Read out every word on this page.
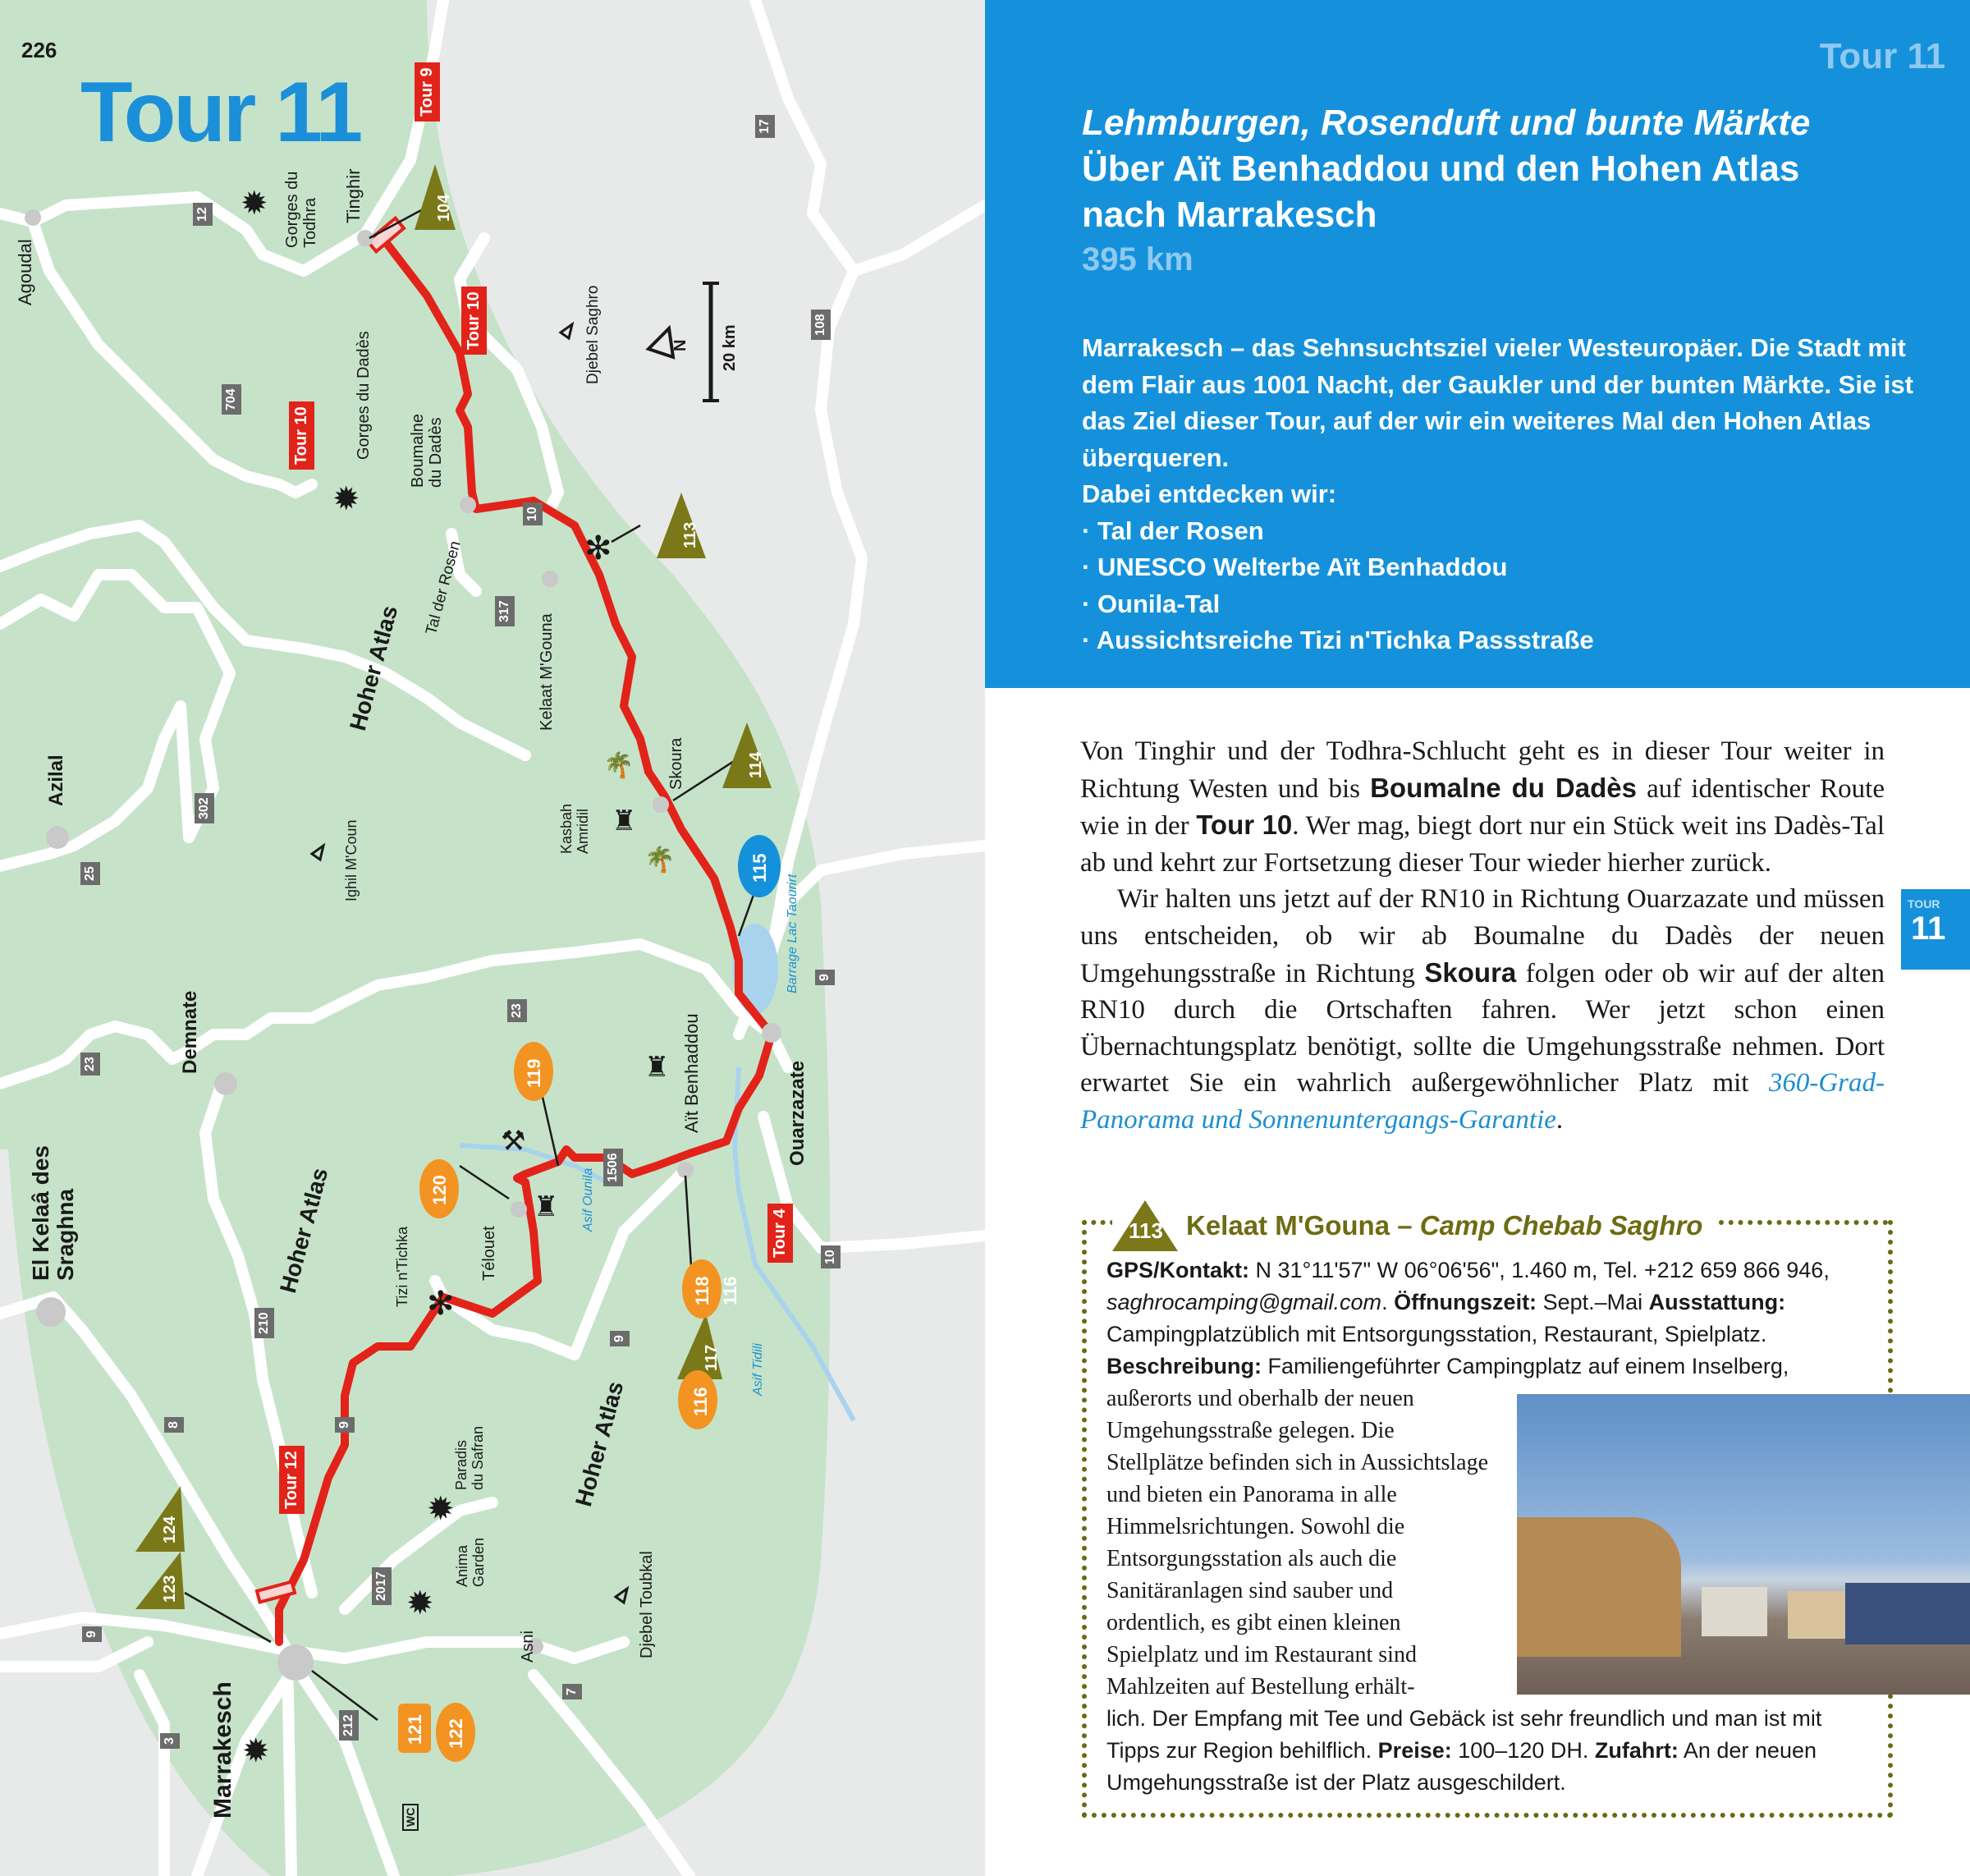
226
Tour 11	Tour 9
Tour 10
Tour 10
Tour 4
Tour 12
Agoudal
Gorges du Todhra Tinghir
Gorges du Dadès Boumalne du Dadès
Djebel Saghro
Tal der Rosen
Kelaat M'Gouna
Skoura
Kasbah Amridil
Hoher Atlas
Azilal
Ighil M'Coun
Demnate
El Kelaâ des Sraghna
Barrage Lac Taourirt
Aït Benhaddou	Ouarzazate
Tizi n'Tichka	Télouet
Asif Ounila
Asif Tidili
Hoher Atlas
Hoher Atlas
Paradis du Safran
Anima Garden	Djebel Toubkal
Asni
Marrakesch
17
12
108
704
10
317
302
25
23
23
9
1506
10
9
210
8	9
9
3
2017
212
7
104
113
114
117
123
124
116
116
118
119
120
121 122
115
20 km
N
✹
✹
✹
✹
✹
✻
✻
♜
♜
♜
⚒
🌴
🌴
WC
Tour 11
Lehmburgen, Rosenduft und bunte Märkte
Über Aït Benhaddou und den Hohen Atlas
nach Marrakesch
395 km
Marrakesch – das Sehnsuchtsziel vieler Westeuropäer. Die Stadt mit dem Flair aus 1001 Nacht, der Gaukler und der bunten Märkte. Sie ist das Ziel dieser Tour, auf der wir ein weiteres Mal den Hohen Atlas überqueren.
Dabei entdecken wir:
· Tal der Rosen
· UNESCO Welterbe Aït Benhaddou
· Ounila-Tal
· Aussichtsreiche Tizi n'Tichka Passstraße
Von Tinghir und der Todhra-Schlucht geht es in dieser Tour weiter in Richtung Westen und bis Boumalne du Dadès auf identischer Route wie in der Tour 10. Wer mag, biegt dort nur ein Stück weit ins Dadès-Tal ab und kehrt zur Fortsetzung dieser Tour wieder hierher zurück.
Wir halten uns jetzt auf der RN10 in Richtung Ouarzazate und müssen uns entscheiden, ob wir ab Boumalne du Dadès der neuen Umgehungsstraße in Richtung Skoura folgen oder ob wir auf der alten RN10 durch die Ortschaften fahren. Wer jetzt schon einen Übernachtungsplatz benötigt, sollte die Umgehungsstraße nehmen. Dort erwartet Sie ein wahrlich außergewöhnlicher Platz mit 360-Grad-Panorama und Sonnenuntergangs-Garantie.
TOUR
11
113 Kelaat M'Gouna – Camp Chebab Saghro
GPS/Kontakt: N 31°11'57" W 06°06'56", 1.460 m, Tel. +212 659 866 946, saghrocamping@gmail.com. Öffnungszeit: Sept.–Mai Ausstattung: Campingplatzüblich mit Entsorgungsstation, Restaurant, Spielplatz.
Beschreibung: Familiengeführter Campingplatz auf einem Inselberg,
außerorts und oberhalb der neuen Umgehungsstraße gelegen. Die Stellplätze befinden sich in Aussichtslage und bieten ein Panorama in alle Himmelsrichtungen. Sowohl die Entsorgungsstation als auch die Sanitäranlagen sind sauber und ordentlich, es gibt einen kleinen Spielplatz und im Restaurant sind Mahlzeiten auf Bestellung erhält-
lich. Der Empfang mit Tee und Gebäck ist sehr freundlich und man ist mit Tipps zur Region behilflich. Preise: 100–120 DH. Zufahrt: An der neuen Umgehungsstraße ist der Platz ausgeschildert.
